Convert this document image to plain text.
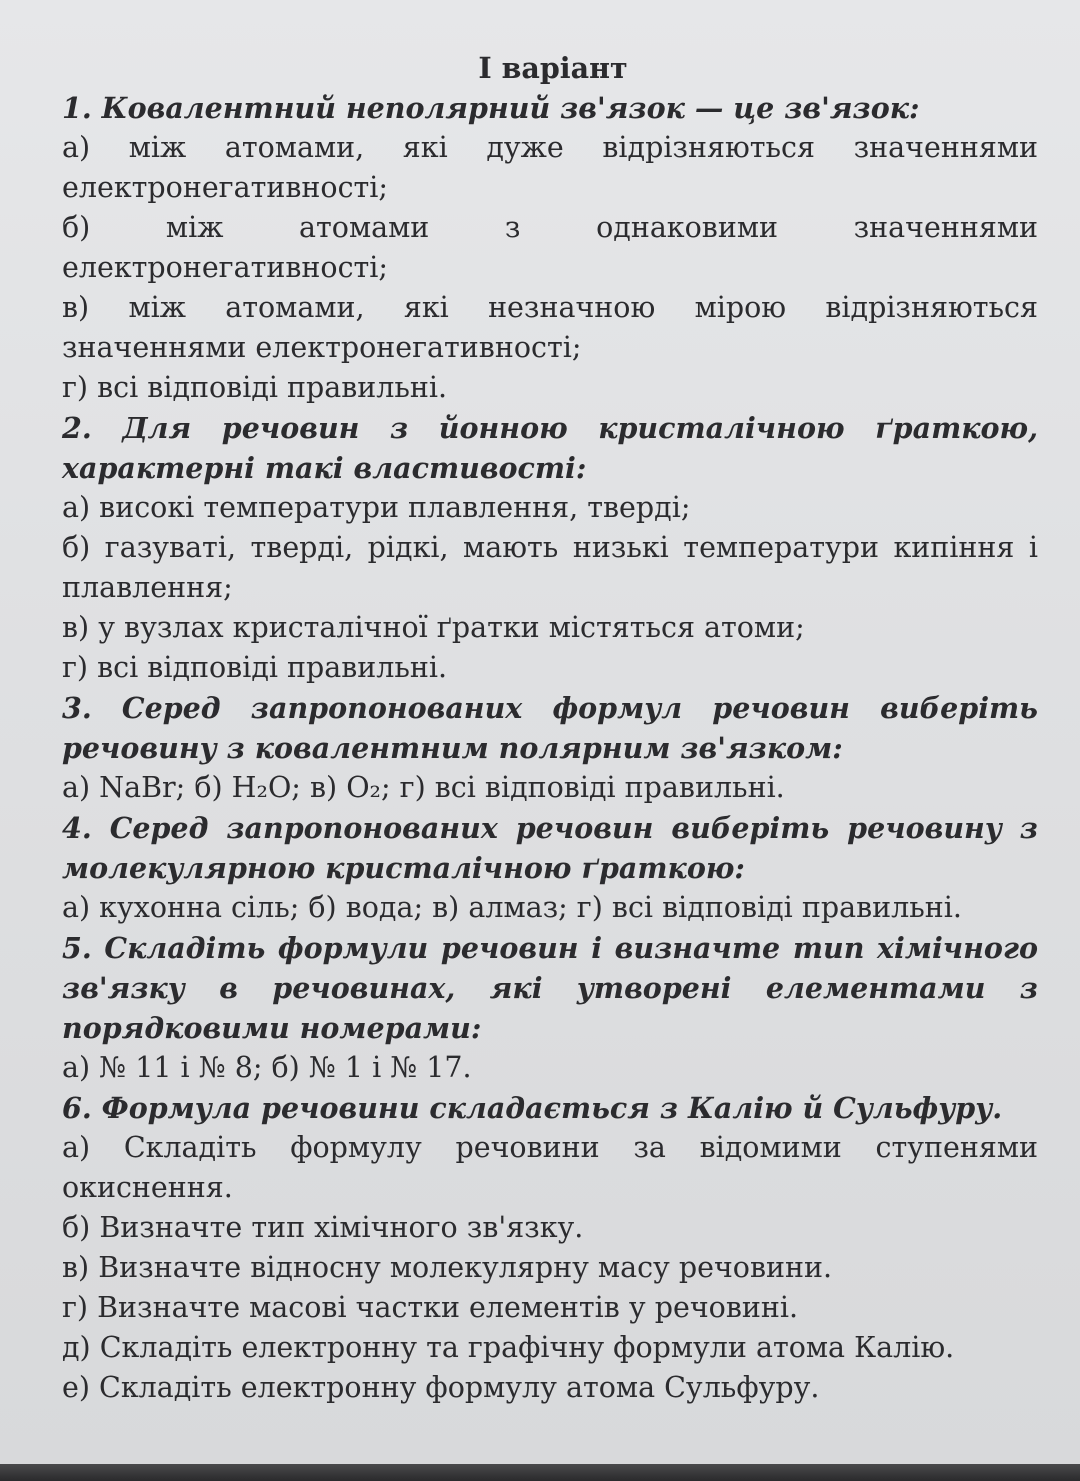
І варіант
1. Ковалентний неполярний зв'язок — це зв'язок:
а) між атомами, які дуже відрізняються значеннями електронегативності;
б) між атомами з однаковими значеннями електронегативності;
в) між атомами, які незначною мірою відрізняються значеннями електронегативності;
г) всі відповіді правильні.
2. Для речовин з йонною кристалічною ґраткою, характерні такі властивості:
а) високі температури плавлення, тверді;
б) газуваті, тверді, рідкі, мають низькі температури кипіння і плавлення;
в) у вузлах кристалічної ґратки містяться атоми;
г) всі відповіді правильні.
3. Серед запропонованих формул речовин виберіть речовину з ковалентним полярним зв'язком:
а) NaBr; б) H₂O; в) O₂; г) всі відповіді правильні.
4. Серед запропонованих речовин виберіть речовину з молекулярною кристалічною ґраткою:
а) кухонна сіль; б) вода; в) алмаз; г) всі відповіді правильні.
5. Складіть формули речовин і визначте тип хімічного зв'язку в речовинах, які утворені елементами з порядковими номерами:
а) № 11 і № 8; б) № 1 і № 17.
6. Формула речовини складається з Калію й Сульфуру.
а) Складіть формулу речовини за відомими ступенями окиснення.
б) Визначте тип хімічного зв'язку.
в) Визначте відносну молекулярну масу речовини.
г) Визначте масові частки елементів у речовині.
д) Складіть електронну та графічну формули атома Калію.
е) Складіть електронну формулу атома Сульфуру.
